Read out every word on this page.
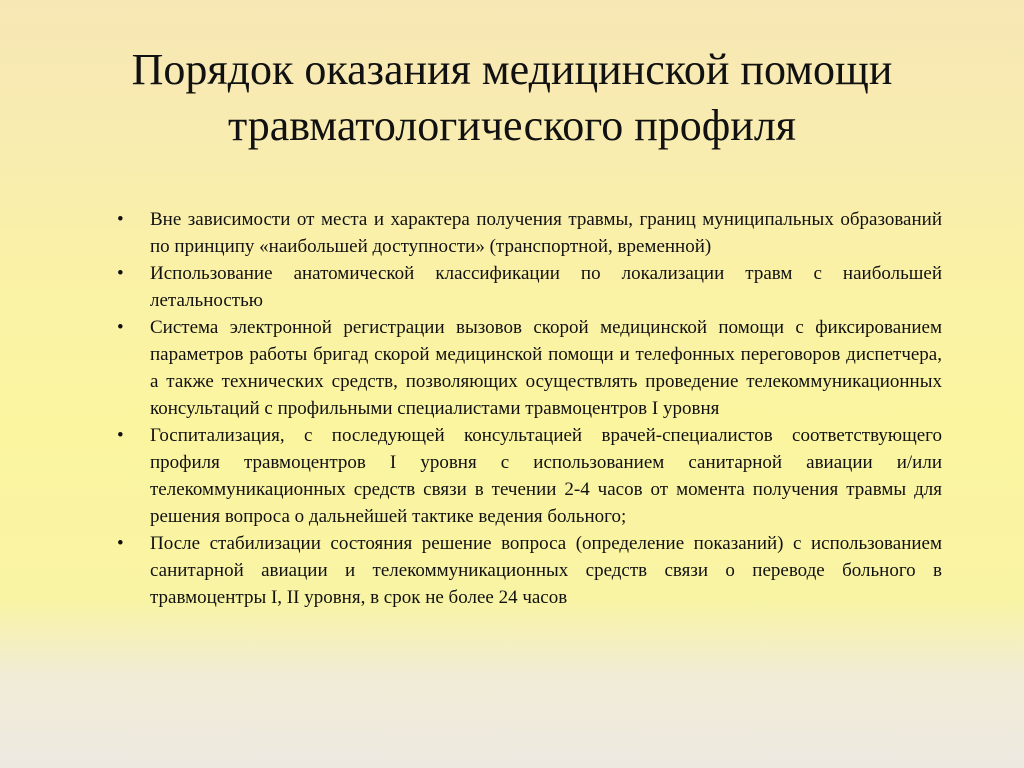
Порядок оказания медицинской помощи
травматологического профиля
• Вне зависимости от места и характера получения травмы, границ муниципальных образований по принципу «наибольшей доступности» (транспортной, временной)
• Использование анатомической классификации по локализации травм с наибольшей летальностью
• Система электронной регистрации вызовов скорой медицинской помощи с фиксированием параметров работы бригад скорой медицинской помощи и телефонных переговоров диспетчера, а также технических средств, позволяющих осуществлять проведение телекоммуникационных консультаций с профильными специалистами травмоцентров I уровня
• Госпитализация, с последующей консультацией врачей-специалистов соответствующего профиля травмоцентров I уровня с использованием санитарной авиации и/или телекоммуникационных средств связи в течении 2-4 часов от момента получения травмы для решения вопроса о дальнейшей тактике ведения больного;
• После стабилизации состояния решение вопроса (определение показаний) с использованием санитарной авиации и телекоммуникационных средств связи о переводе больного в травмоцентры I, II уровня, в срок не более 24 часов
